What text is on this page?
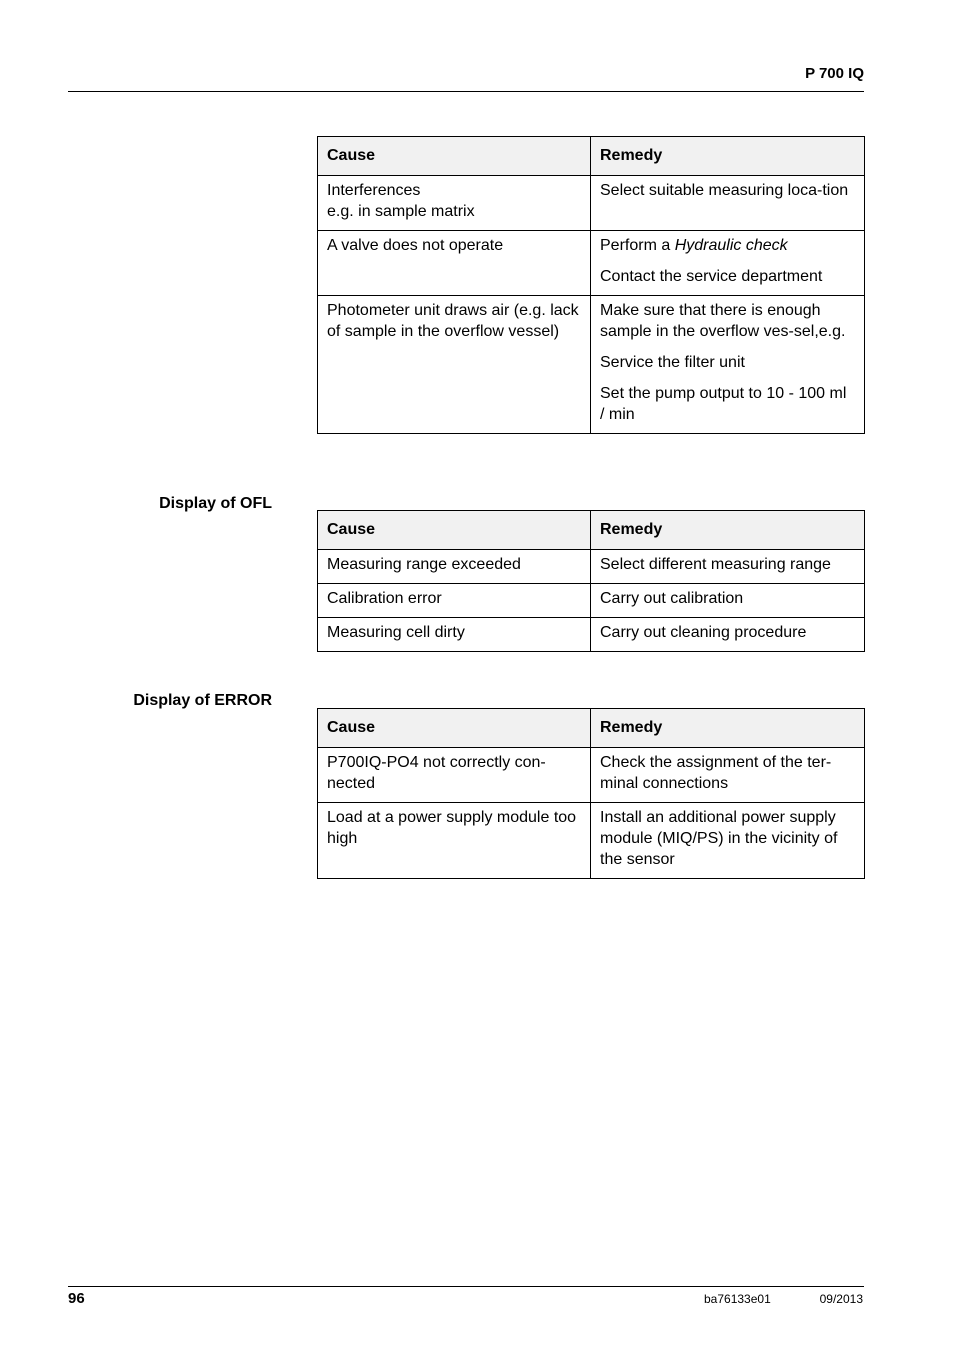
P 700 IQ
Cause	Remedy

Interferences
e.g. in sample matrix	Select suitable measuring loca-tion

A valve does not operate	Perform a Hydraulic check
Contact the service department

Photometer unit draws air (e.g. lack of sample in the overflow vessel)	Make sure that there is enough sample in the overflow ves-sel,e.g.
Service the filter unit
Set the pump output to 10 - 100 ml / min
Display of OFL
Cause	Remedy
Measuring range exceeded	Select different measuring range
Calibration error	Carry out calibration
Measuring cell dirty	Carry out cleaning procedure
Display of ERROR
Cause	Remedy

P700IQ-PO4 not correctly con-nected	Check the assignment of the ter-minal connections

Load at a power supply module too high	Install an additional power supply module (MIQ/PS) in the vicinity of the sensor
96	ba76133e01	09/2013
